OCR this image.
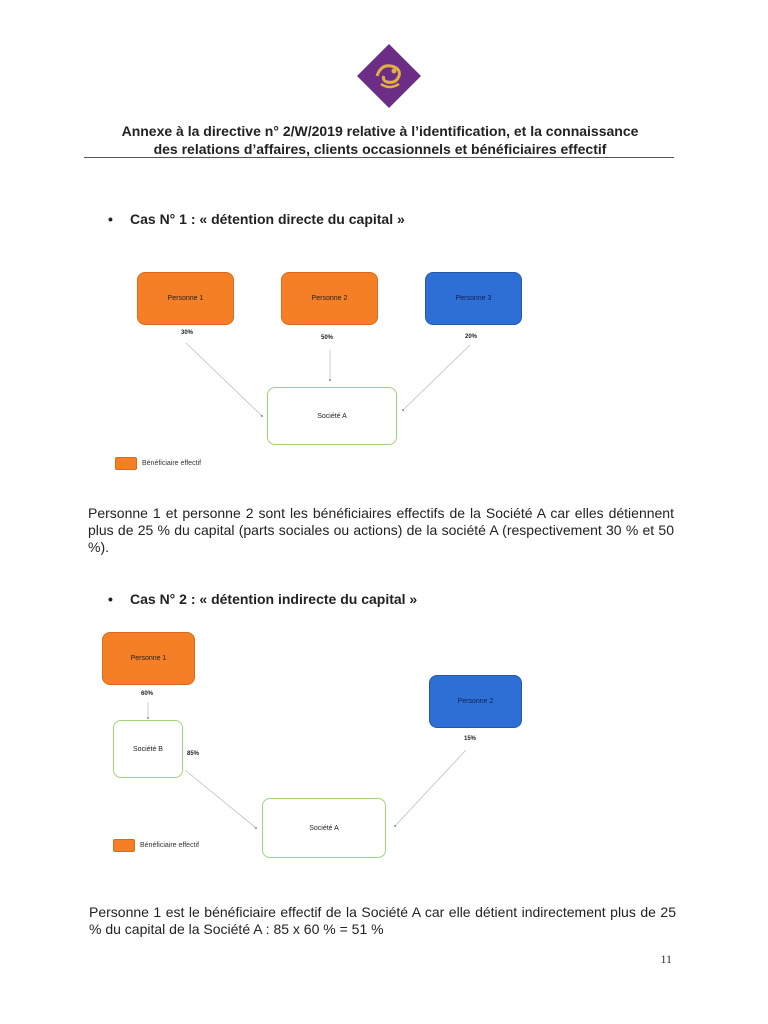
Annexe à la directive n° 2/W/2019 relative à l’identification, et la connaissance
des relations d’affaires, clients occasionnels et bénéficiaires effectif
• Cas N° 1 : « détention directe du capital »
Personne 1
30%
Personne 2
50%
Personne 3
20%
Société A
Bénéficiaire effectif
Personne 1 et personne 2 sont les bénéficiaires effectifs de la Société A car elles détiennent plus de 25 % du capital (parts sociales ou actions) de la société A (respectivement 30 % et 50 %).
• Cas N° 2 : « détention indirecte du capital »
Personne 1
60%
Société B
85%
Personne 2
15%
Société A
Bénéficiaire effectif
Personne 1 est le bénéficiaire effectif de la Société A car elle détient indirectement plus de 25 % du capital de la Société A : 85 x 60 % = 51 %
11
